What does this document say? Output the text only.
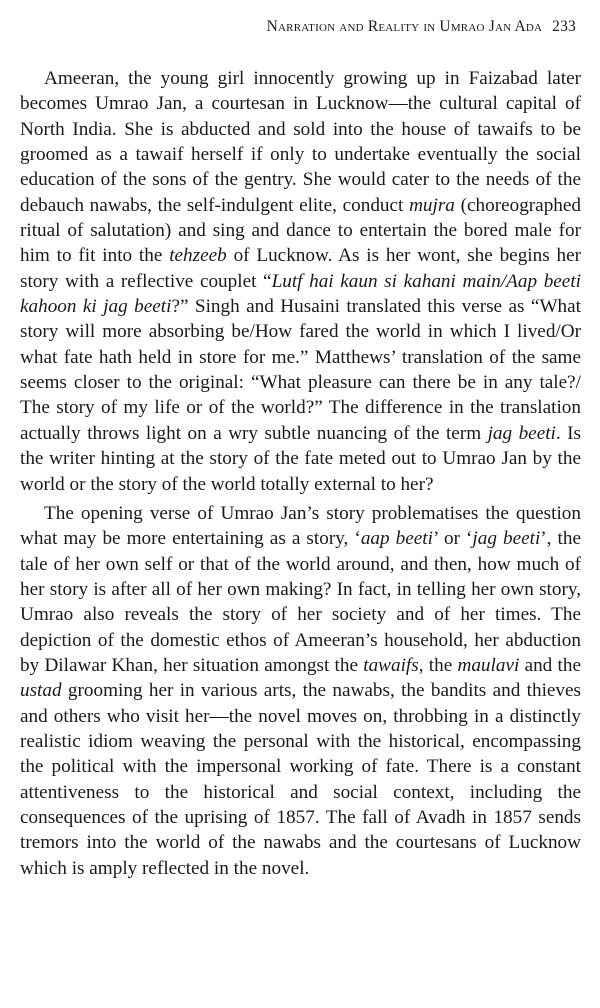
Narration and Reality in Umrao Jan Ada 233

Ameeran, the young girl innocently growing up in Faizabad later becomes Umrao Jan, a courtesan in Lucknow—the cultural capital of North India. She is abducted and sold into the house of tawaifs to be groomed as a tawaif herself if only to undertake eventually the social education of the sons of the gentry. She would cater to the needs of the debauch nawabs, the self-indulgent elite, conduct mujra (choreographed ritual of salutation) and sing and dance to entertain the bored male for him to fit into the tehzeeb of Lucknow. As is her wont, she begins her story with a reflective couplet “Lutf hai kaun si kahani main/Aap beeti kahoon ki jag beeti?” Singh and Husaini translated this verse as “What story will more absorbing be/How fared the world in which I lived/Or what fate hath held in store for me.” Matthews’ translation of the same seems closer to the original: “What pleasure can there be in any tale?/ The story of my life or of the world?” The difference in the translation actually throws light on a wry subtle nuancing of the term jag beeti. Is the writer hinting at the story of the fate meted out to Umrao Jan by the world or the story of the world totally external to her?

The opening verse of Umrao Jan’s story problematises the question what may be more entertaining as a story, ‘aap beeti’ or ‘jag beeti’, the tale of her own self or that of the world around, and then, how much of her story is after all of her own making? In fact, in telling her own story, Umrao also reveals the story of her society and of her times. The depiction of the domestic ethos of Ameeran’s household, her abduction by Dilawar Khan, her situation amongst the tawaifs, the maulavi and the ustad grooming her in various arts, the nawabs, the bandits and thieves and others who visit her—the novel moves on, throbbing in a distinctly realistic idiom weaving the personal with the historical, encompassing the political with the impersonal working of fate. There is a constant attentiveness to the historical and social context, including the consequences of the uprising of 1857. The fall of Avadh in 1857 sends tremors into the world of the nawabs and the courtesans of Lucknow which is amply reflected in the novel.
